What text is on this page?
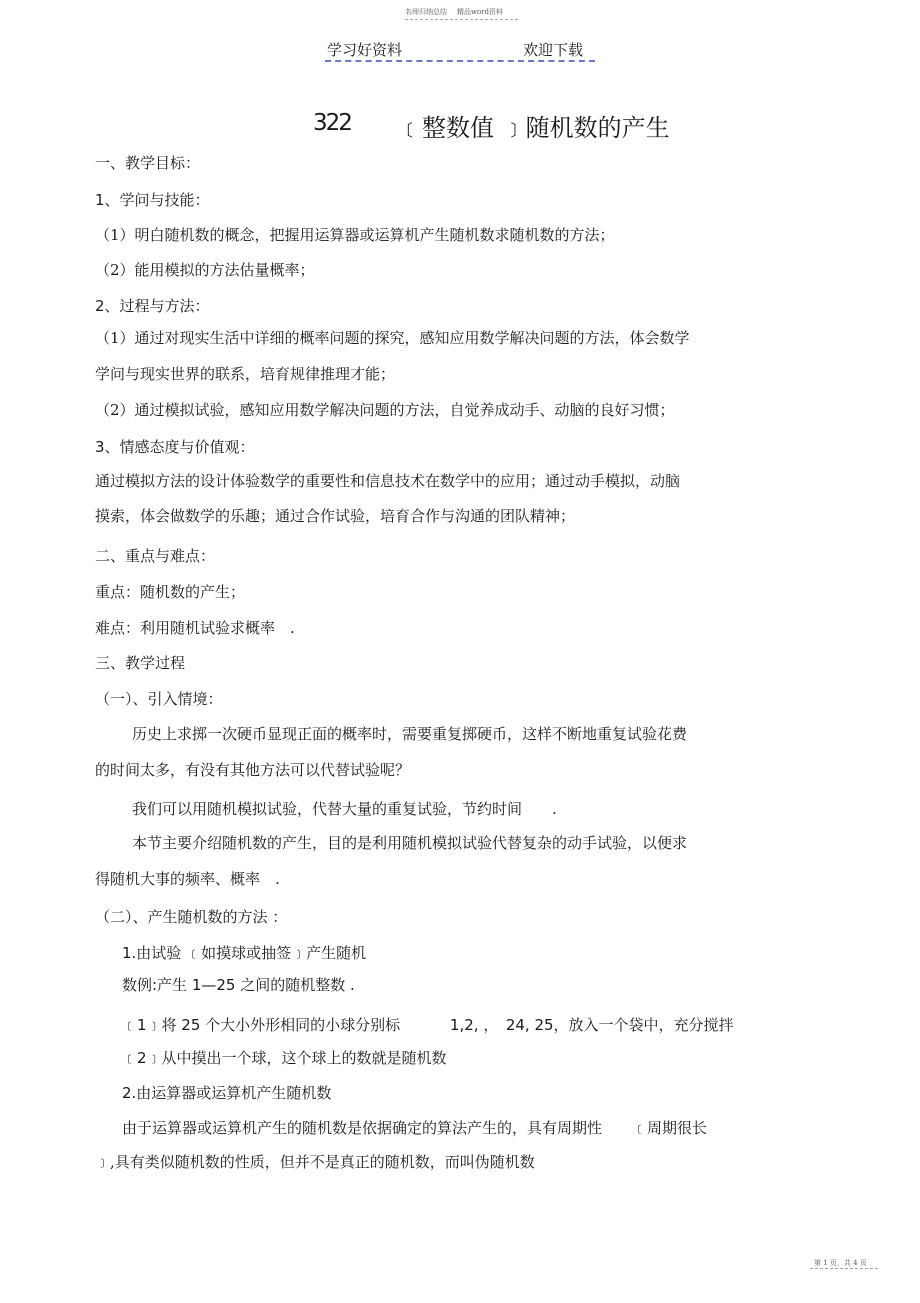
名师归纳总结 精品word资料
学习好资料	欢迎下载
322 ﹝整数值 ﹞随机数的产生
一、教学目标：
1、学问与技能：
（1）明白随机数的概念，把握用运算器或运算机产生随机数求随机数的方法；
（2）能用模拟的方法估量概率；
2、过程与方法：
（1）通过对现实生活中详细的概率问题的探究，感知应用数学解决问题的方法，体会数学
学问与现实世界的联系，培育规律推理才能；
（2）通过模拟试验，感知应用数学解决问题的方法，自觉养成动手、动脑的良好习惯；
3、情感态度与价值观：
通过模拟方法的设计体验数学的重要性和信息技术在数学中的应用；通过动手模拟，动脑
摸索，体会做数学的乐趣；通过合作试验，培育合作与沟通的团队精神；
二、重点与难点：
重点：随机数的产生；
难点：利用随机试验求概率　.
三、教学过程
（一）、引入情境：
历史上求掷一次硬币显现正面的概率时，需要重复掷硬币，这样不断地重复试验花费
的时间太多，有没有其他方法可以代替试验呢？
我们可以用随机模拟试验，代替大量的重复试验，节约时间　　.
本节主要介绍随机数的产生，目的是利用随机模拟试验代替复杂的动手试验，以便求
得随机大事的频率、概率　.
（二）、产生随机数的方法 ：
1.由试验 ﹝如摸球或抽签﹞产生随机
数例:产生 1—25 之间的随机整数 .
﹝1﹞将 25 个大小外形相同的小球分别标　　　 1,2, ，　24, 25，放入一个袋中，充分搅拌
﹝2﹞从中摸出一个球，这个球上的数就是随机数
2.由运算器或运算机产生随机数
由于运算器或运算机产生的随机数是依据确定的算法产生的，具有周期性　　﹝周期很长
﹞,具有类似随机数的性质，但并不是真正的随机数，而叫伪随机数
第 1 页，共 4 页
